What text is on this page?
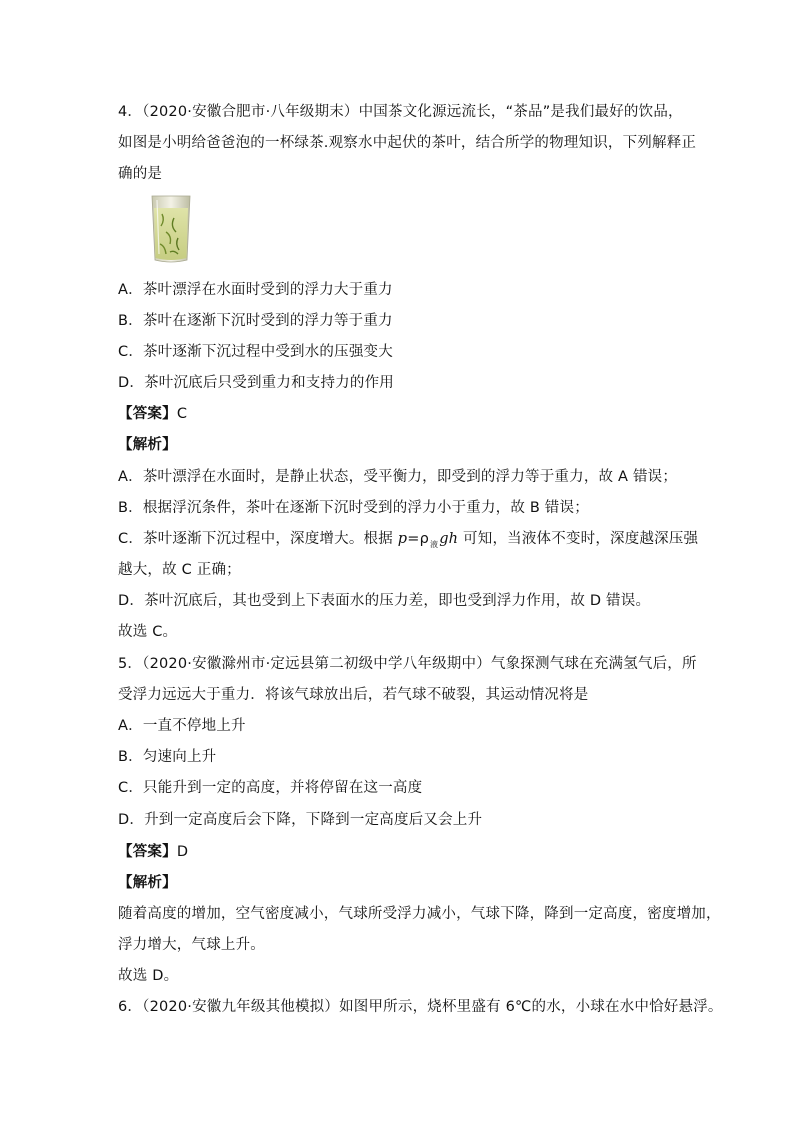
4．（2020·安徽合肥市·八年级期末）中国茶文化源远流长，“茶品”是我们最好的饮品，
如图是小明给爸爸泡的一杯绿茶.观察水中起伏的茶叶，结合所学的物理知识，下列解释正
确的是
A．茶叶漂浮在水面时受到的浮力大于重力
B．茶叶在逐渐下沉时受到的浮力等于重力
C．茶叶逐渐下沉过程中受到水的压强变大
D．茶叶沉底后只受到重力和支持力的作用
【答案】C
【解析】
A．茶叶漂浮在水面时，是静止状态，受平衡力，即受到的浮力等于重力，故 A 错误；
B．根据浮沉条件，茶叶在逐渐下沉时受到的浮力小于重力，故 B 错误；
C．茶叶逐渐下沉过程中，深度增大。根据 $p=\rho_液gh$ 可知，当液体不变时，深度越深压强
越大，故 C 正确；
D．茶叶沉底后，其也受到上下表面水的压力差，即也受到浮力作用，故 D 错误。
故选 C。
5．（2020·安徽滁州市·定远县第二初级中学八年级期中）气象探测气球在充满氢气后，所
受浮力远远大于重力．将该气球放出后，若气球不破裂，其运动情况将是
A．一直不停地上升
B．匀速向上升
C．只能升到一定的高度，并将停留在这一高度
D．升到一定高度后会下降，下降到一定高度后又会上升
【答案】D
【解析】
随着高度的增加，空气密度减小，气球所受浮力减小，气球下降，降到一定高度，密度增加，
浮力增大，气球上升。
故选 D。
6．（2020·安徽九年级其他模拟）如图甲所示，烧杯里盛有 6℃的水，小球在水中恰好悬浮。
